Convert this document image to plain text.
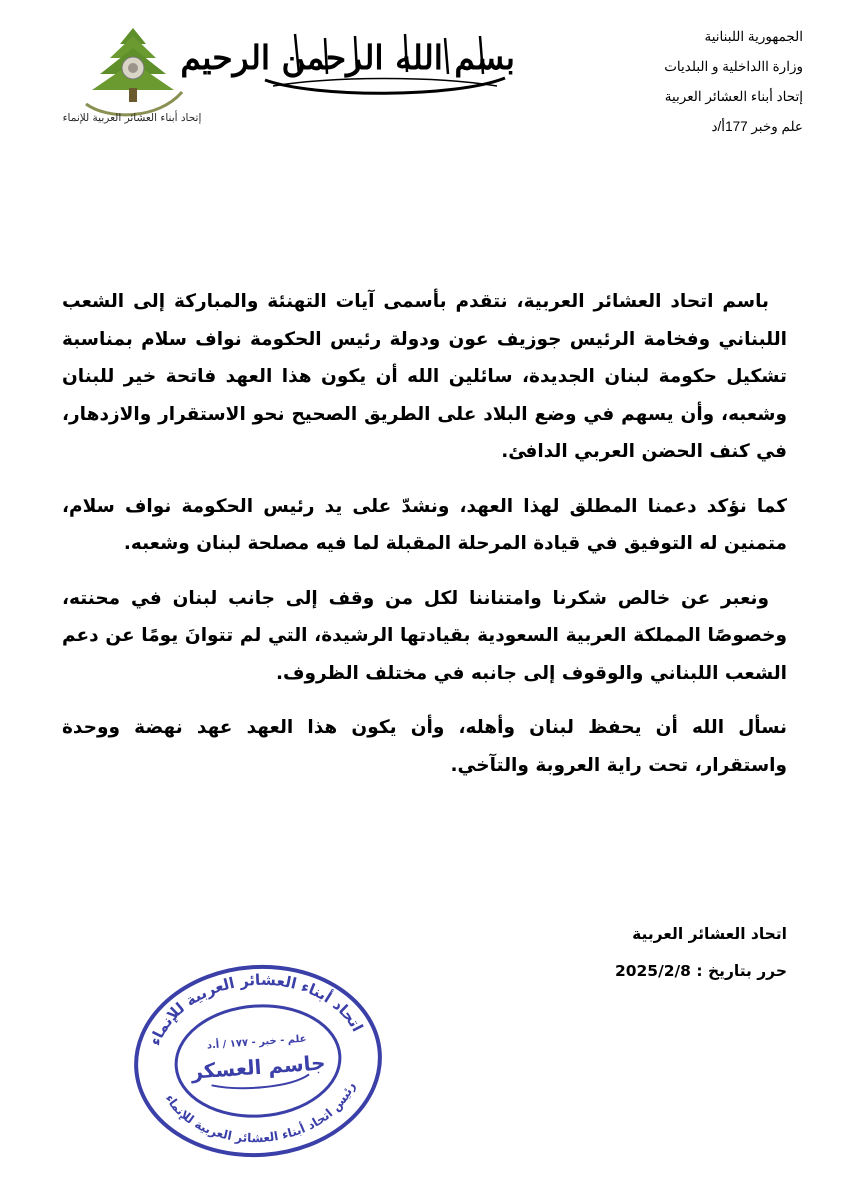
الجمهورية اللبنانية
وزارة االداخلية و البلديات
إتحاد أبناء العشائر العربية
علم وخبر 177أ/د
بسم الله الرحمن الرحيم
إتحاد أبناء العشائر العربية للإنماء

باسم اتحاد العشائر العربية، نتقدم بأسمى آيات التهنئة والمباركة إلى الشعب اللبناني وفخامة الرئيس جوزيف عون ودولة رئيس الحكومة نواف سلام بمناسبة تشكيل حكومة لبنان الجديدة، سائلين الله أن يكون هذا العهد فاتحة خير للبنان وشعبه، وأن يسهم في وضع البلاد على الطريق الصحيح نحو الاستقرار والازدهار، في كنف الحضن العربي الدافئ.

كما نؤكد دعمنا المطلق لهذا العهد، ونشدّ على يد رئيس الحكومة نواف سلام، متمنين له التوفيق في قيادة المرحلة المقبلة لما فيه مصلحة لبنان وشعبه.

ونعبر عن خالص شكرنا وامتناننا لكل من وقف إلى جانب لبنان في محنته، وخصوصًا المملكة العربية السعودية بقيادتها الرشيدة، التي لم تتوانَ يومًا عن دعم الشعب اللبناني والوقوف إلى جانبه في مختلف الظروف.

نسأل الله أن يحفظ لبنان وأهله، وأن يكون هذا العهد عهد نهضة ووحدة واستقرار، تحت راية العروبة والتآخي.

اتحاد العشائر العربية
حرر بتاريخ : 2025/2/8
اتحاد أبناء العشائر العربية للإنماء
رئيس اتحاد أبناء العشائر العربية للإنماء
علم - خبر - ١٧٧ / أ.د
جاسم العسكر
